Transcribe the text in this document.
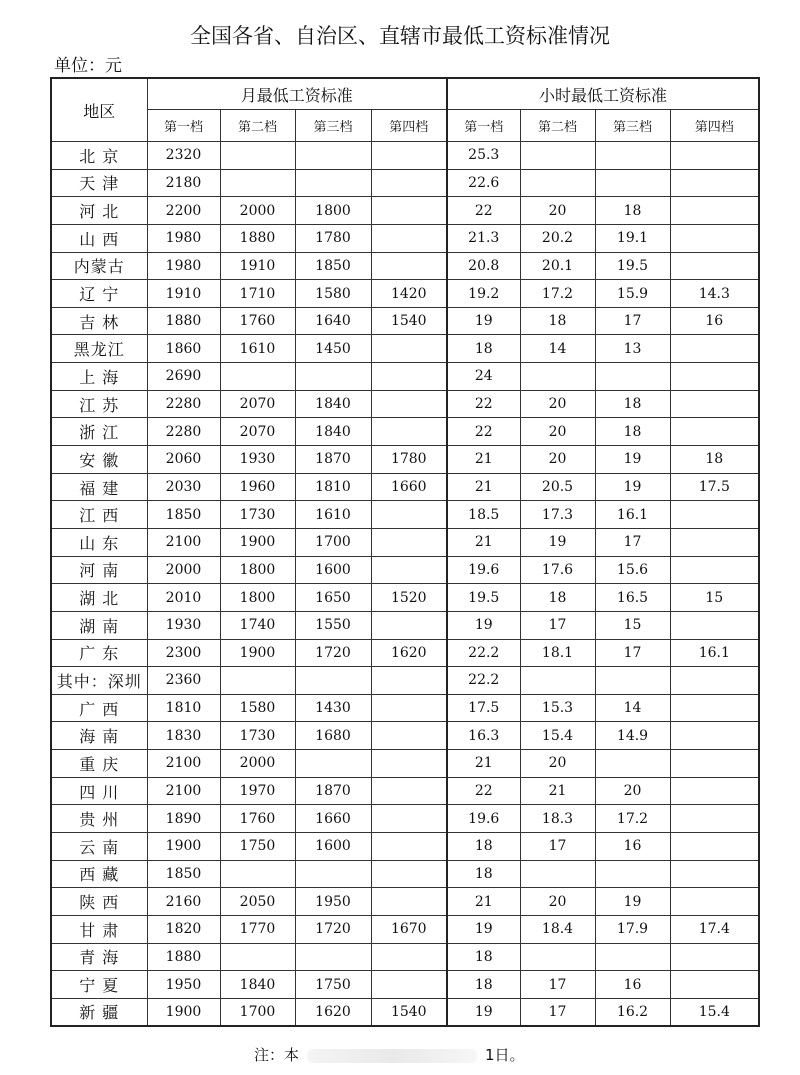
全国各省、自治区、直辖市最低工资标准情况
单位：元
地区	月最低工资标准				小时最低工资标准			
	第一档	第二档	第三档	第四档	第一档	第二档	第三档	第四档
北 京	2320				25.3			
天 津	2180				22.6			
河 北	2200	2000	1800		22	20	18	
山 西	1980	1880	1780		21.3	20.2	19.1	
内蒙古	1980	1910	1850		20.8	20.1	19.5	
辽 宁	1910	1710	1580	1420	19.2	17.2	15.9	14.3
吉 林	1880	1760	1640	1540	19	18	17	16
黑龙江	1860	1610	1450		18	14	13	
上 海	2690				24			
江 苏	2280	2070	1840		22	20	18	
浙 江	2280	2070	1840		22	20	18	
安 徽	2060	1930	1870	1780	21	20	19	18
福 建	2030	1960	1810	1660	21	20.5	19	17.5
江 西	1850	1730	1610		18.5	17.3	16.1	
山 东	2100	1900	1700		21	19	17	
河 南	2000	1800	1600		19.6	17.6	15.6	
湖 北	2010	1800	1650	1520	19.5	18	16.5	15
湖 南	1930	1740	1550		19	17	15	
广 东	2300	1900	1720	1620	22.2	18.1	17	16.1
其中：深圳	2360				22.2			
广 西	1810	1580	1430		17.5	15.3	14	
海 南	1830	1730	1680		16.3	15.4	14.9	
重 庆	2100	2000			21	20		
四 川	2100	1970	1870		22	21	20	
贵 州	1890	1760	1660		19.6	18.3	17.2	
云 南	1900	1750	1600		18	17	16	
西 藏	1850				18			
陕 西	2160	2050	1950		21	20	19	
甘 肃	1820	1770	1720	1670	19	18.4	17.9	17.4
青 海	1880				18			
宁 夏	1950	1840	1750		18	17	16	
新 疆	1900	1700	1620	1540	19	17	16.2	15.4
注：本	1日。
